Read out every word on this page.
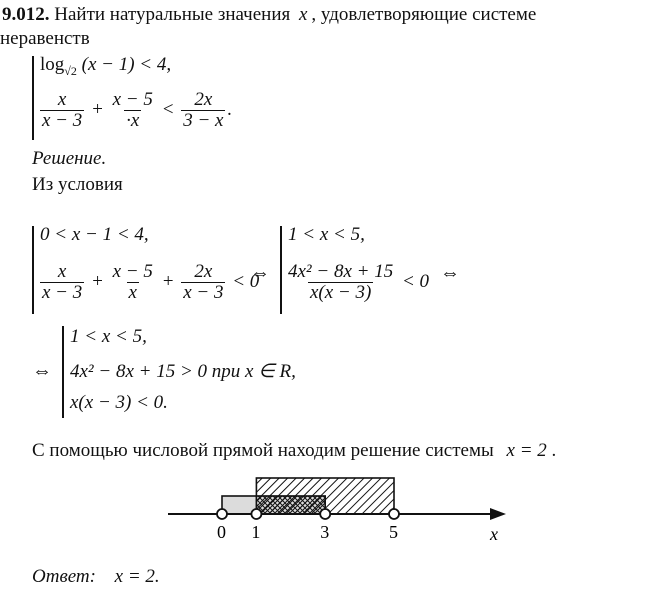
9.012. Найти натуральные значения x , удовлетворяющие системе
неравенств
$\log_{√2} (x - 1) < 4$,
$\frac{x}{x - 3} + \frac{x - 5}{\cdot x} < \frac{2x}{3 - x}$ .
Решение.
Из условия
0 < x − 1 < 4,
$\frac{x}{x - 3} + \frac{x - 5}{x} + \frac{2x}{x - 3} < 0$
⇔
1 < x < 5,
$\frac{\text{4x² − 8x + 15}}{x(x - 3)} < 0$ ⇔
⇔
1 < x < 5,
4x² − 8x + 15 > 0 при x ∈ R,
x(x − 3) < 0.
С помощью числовой прямой находим решение системы x = 2 .
0 1	3	5	x
Ответ: x = 2.
